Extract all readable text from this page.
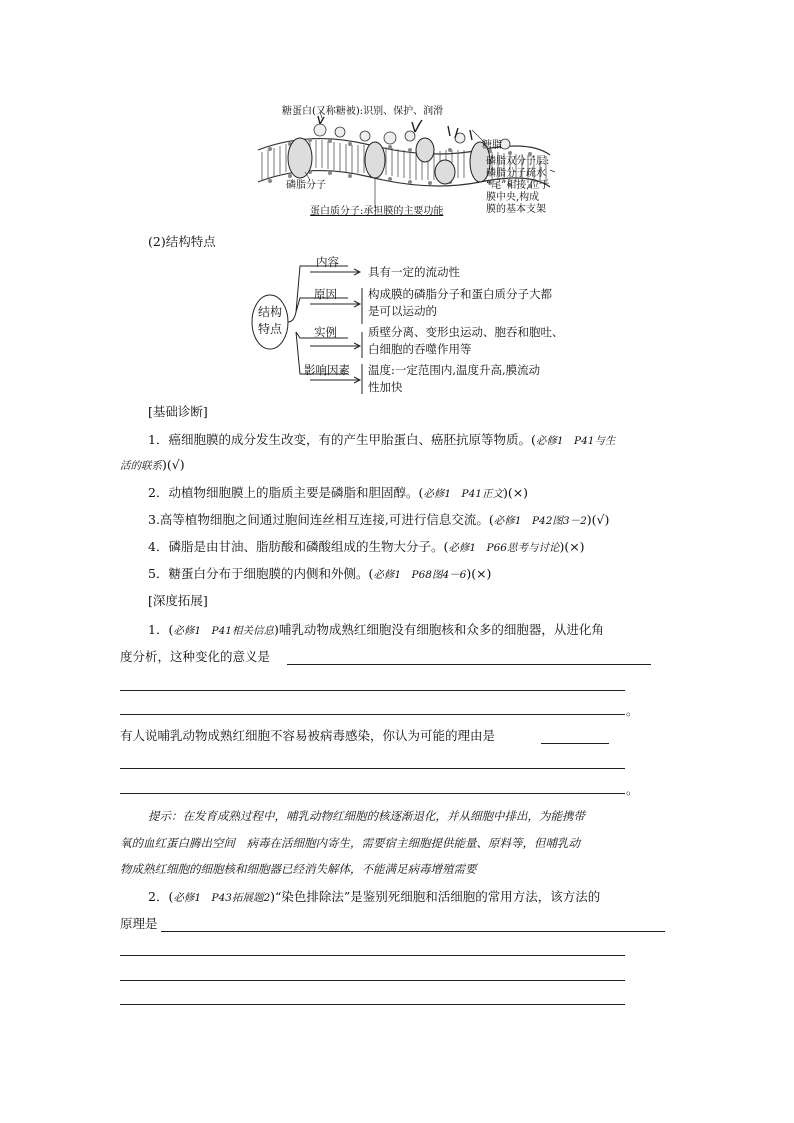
糖蛋白(又称糖被):识别、保护、润滑
糖脂
磷脂分子
蛋白质分子:承担膜的主要功能
磷脂双分子层:
磷脂分子疏水
“尾”相接,位于
膜中央,构成
膜的基本支架
(2)结构特点
结构
特点
内容
具有一定的流动性
原因	构成膜的磷脂分子和蛋白质分子大都
是可以运动的
实例	质壁分离、变形虫运动、胞吞和胞吐、
白细胞的吞噬作用等
影响因素 温度:一定范围内,温度升高,膜流动
性加快
[基础诊断]
1．癌细胞膜的成分发生改变，有的产生甲胎蛋白、癌胚抗原等物质。(必修1　P41与生
活的联系)(√)
2．动植物细胞膜上的脂质主要是磷脂和胆固醇。(必修1　P41正文)(×)
3.高等植物细胞之间通过胞间连丝相互连接,可进行信息交流。(必修1　P42图3－2)(√)
4．磷脂是由甘油、脂肪酸和磷酸组成的生物大分子。(必修1　P66思考与讨论)(×)
5．糖蛋白分布于细胞膜的内侧和外侧。(必修1　P68图4－6)(×)
[深度拓展]
1．(必修1　P41相关信息)哺乳动物成熟红细胞没有细胞核和众多的细胞器，从进化角
度分析，这种变化的意义是
。
有人说哺乳动物成熟红细胞不容易被病毒感染，你认为可能的理由是
。
提示：在发育成熟过程中，哺乳动物红细胞的核逐渐退化，并从细胞中排出，为能携带
氧的血红蛋白腾出空间　病毒在活细胞内寄生，需要宿主细胞提供能量、原料等，但哺乳动
物成熟红细胞的细胞核和细胞器已经消失解体，不能满足病毒增殖需要
2．(必修1　P43拓展题2)“染色排除法”是鉴别死细胞和活细胞的常用方法，该方法的
原理是
